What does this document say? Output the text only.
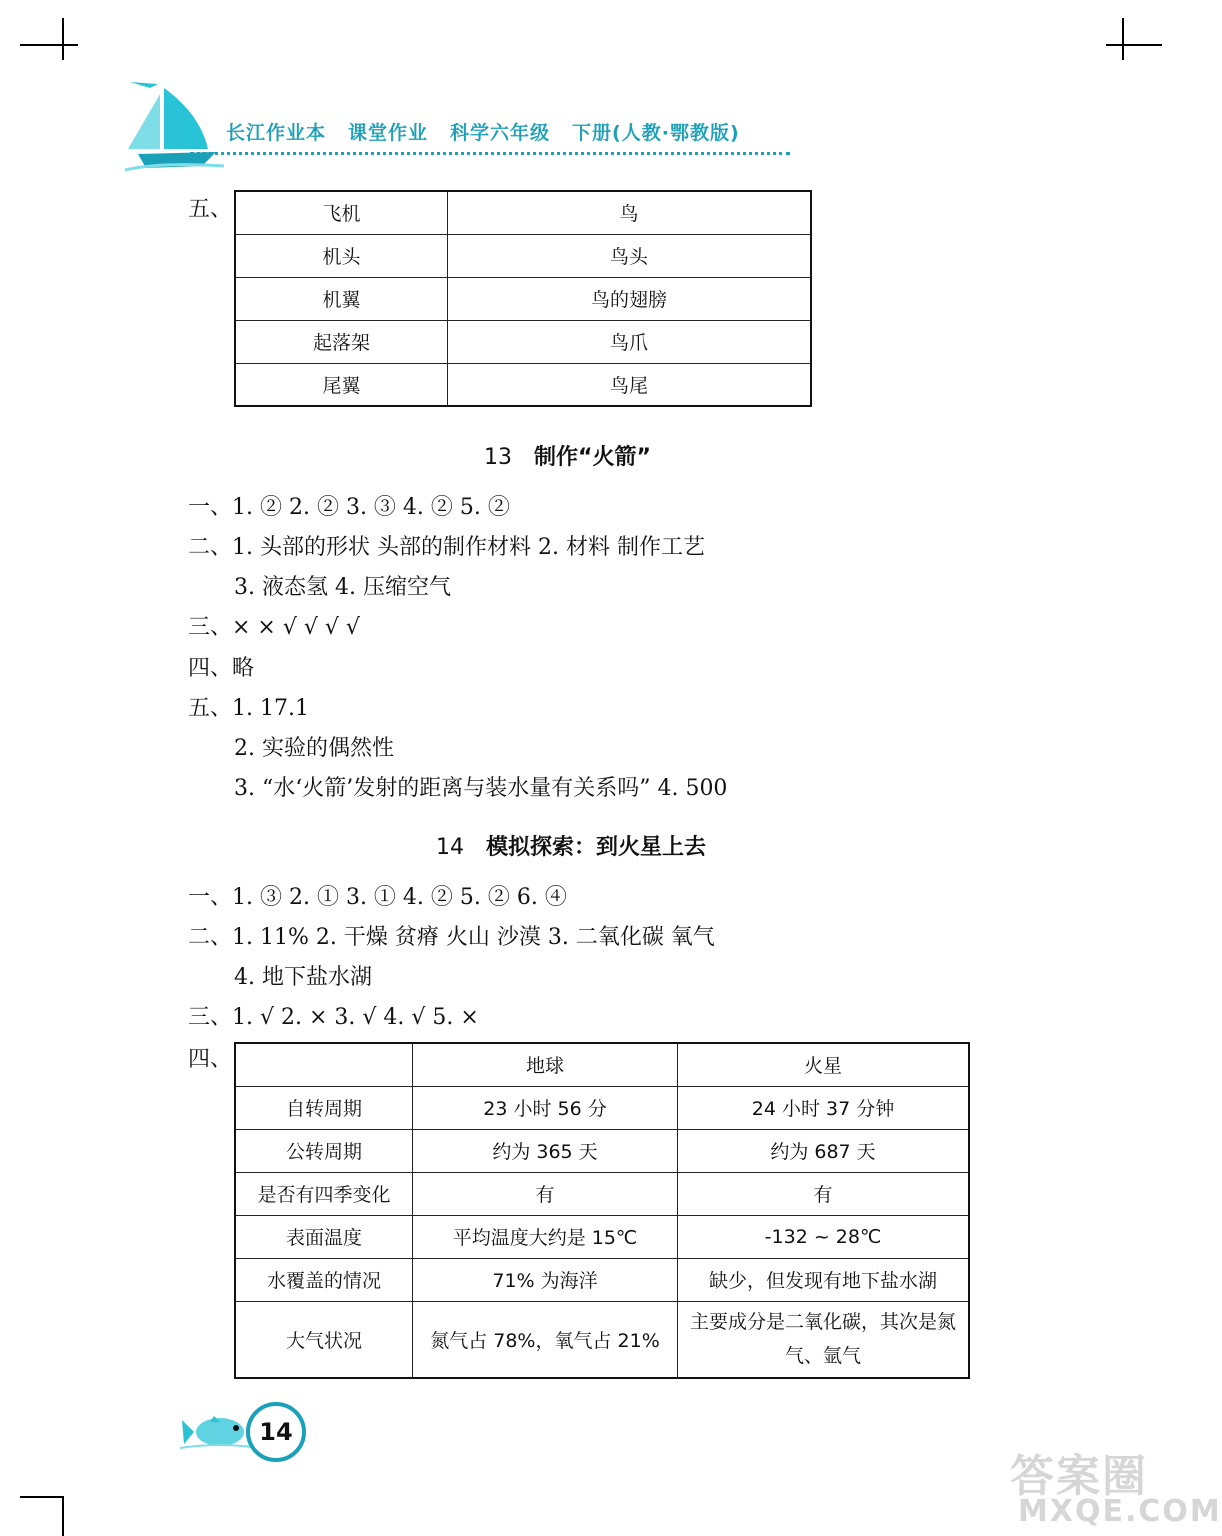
长江作业本 课堂作业 科学六年级 下册(人教·鄂教版)
五、	飞机	鸟
机头	鸟头
机翼	鸟的翅膀
起落架	鸟爪
尾翼	鸟尾
13 制作“火箭”
一、1. ② 2. ② 3. ③ 4. ② 5. ②
二、1. 头部的形状 头部的制作材料 2. 材料 制作工艺
3. 液态氢 4. 压缩空气
三、× × √ √ √ √
四、略
五、1. 17.1
2. 实验的偶然性
3. “水‘火箭’发射的距离与装水量有关系吗” 4. 500
14 模拟探索：到火星上去
一、1. ③ 2. ① 3. ① 4. ② 5. ② 6. ④
二、1. 11% 2. 干燥 贫瘠 火山 沙漠 3. 二氧化碳 氧气
4. 地下盐水湖
三、1. √ 2. × 3. √ 4. √ 5. ×
四、
		地球	火星
自转周期	23 小时 56 分	24 小时 37 分钟
公转周期	约为 365 天	约为 687 天
是否有四季变化	有	有
表面温度	平均温度大约是 15℃	-132 ~ 28℃
水覆盖的情况	71% 为海洋	缺少，但发现有地下盐水湖
大气状况	氮气占 78%，氧气占 21%	主要成分是二氧化碳，其次是氮气、氩气
14
答案圈
MXQE.COM
